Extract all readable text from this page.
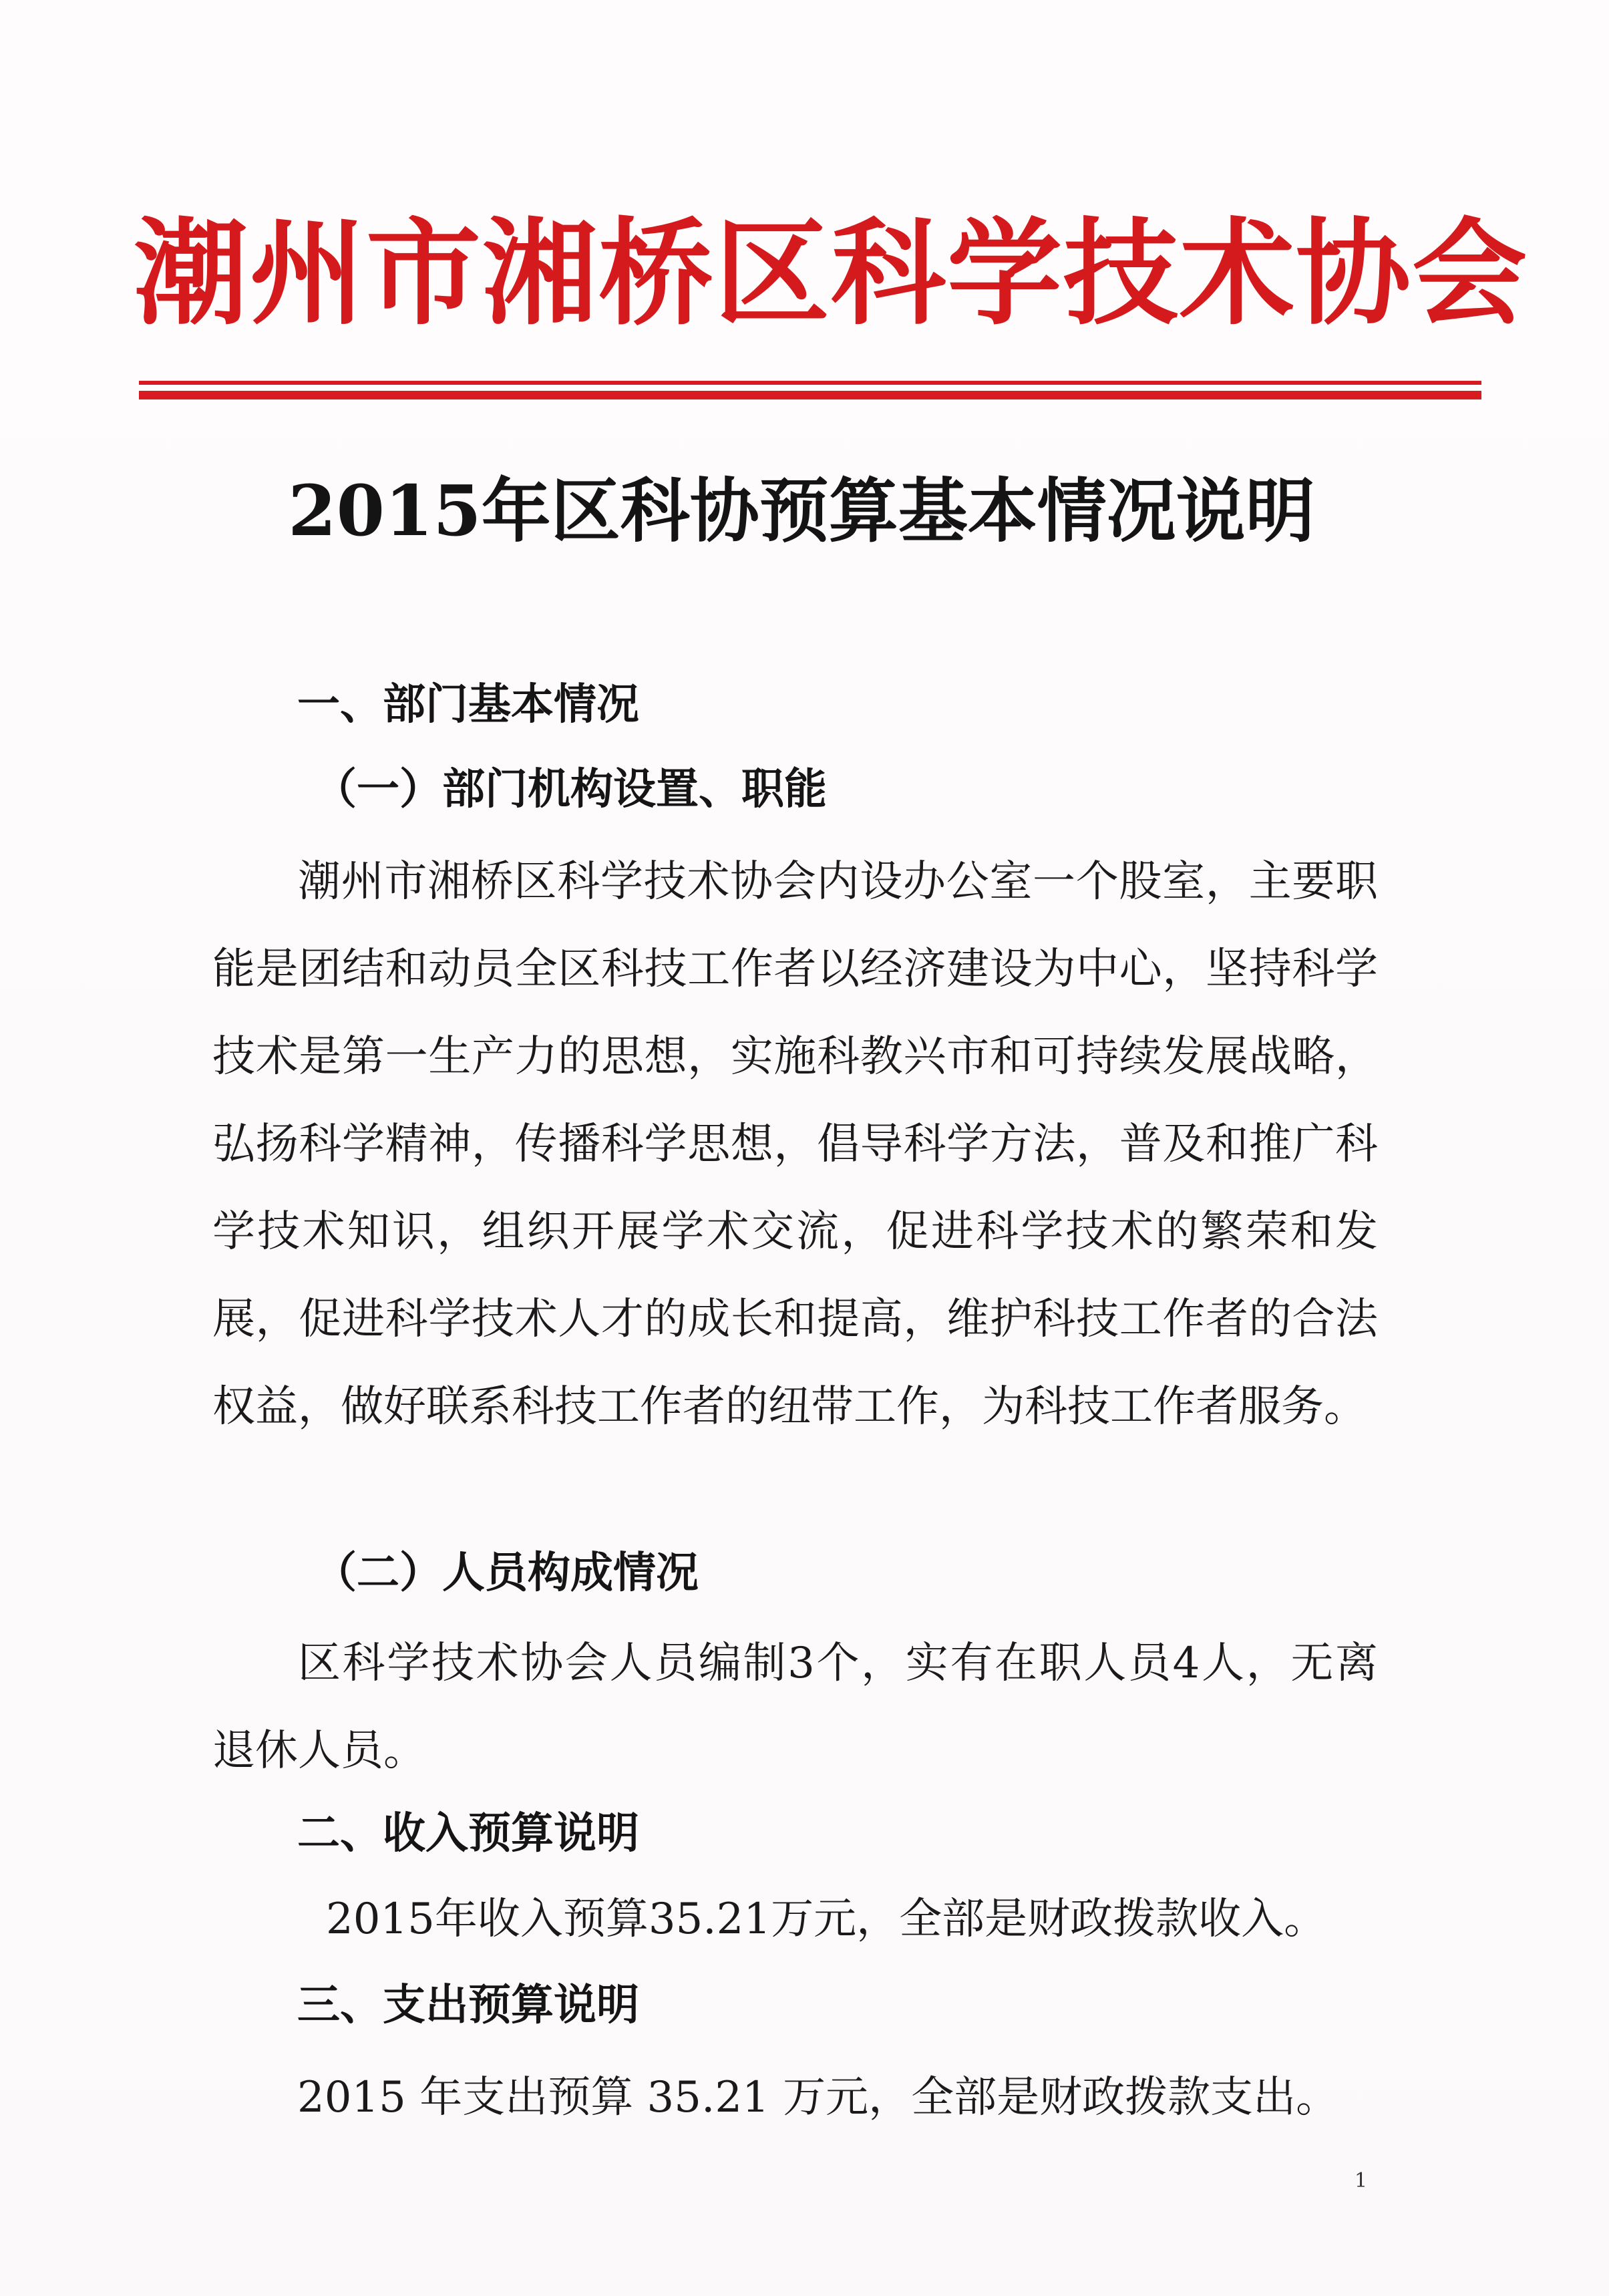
潮州市湘桥区科学技术协会
2015年区科协预算基本情况说明
一、部门基本情况
（一）部门机构设置、职能
潮州市湘桥区科学技术协会内设办公室一个股室，主要职能是团结和动员全区科技工作者以经济建设为中心，坚持科学技术是第一生产力的思想，实施科教兴市和可持续发展战略，弘扬科学精神，传播科学思想，倡导科学方法，普及和推广科学技术知识，组织开展学术交流，促进科学技术的繁荣和发展，促进科学技术人才的成长和提高，维护科技工作者的合法权益，做好联系科技工作者的纽带工作，为科技工作者服务。
（二）人员构成情况
区科学技术协会人员编制3个，实有在职人员4人，无离退休人员。
二、收入预算说明
2015年收入预算35.21万元，全部是财政拨款收入。
三、支出预算说明
2015 年支出预算 35.21 万元，全部是财政拨款支出。
1
